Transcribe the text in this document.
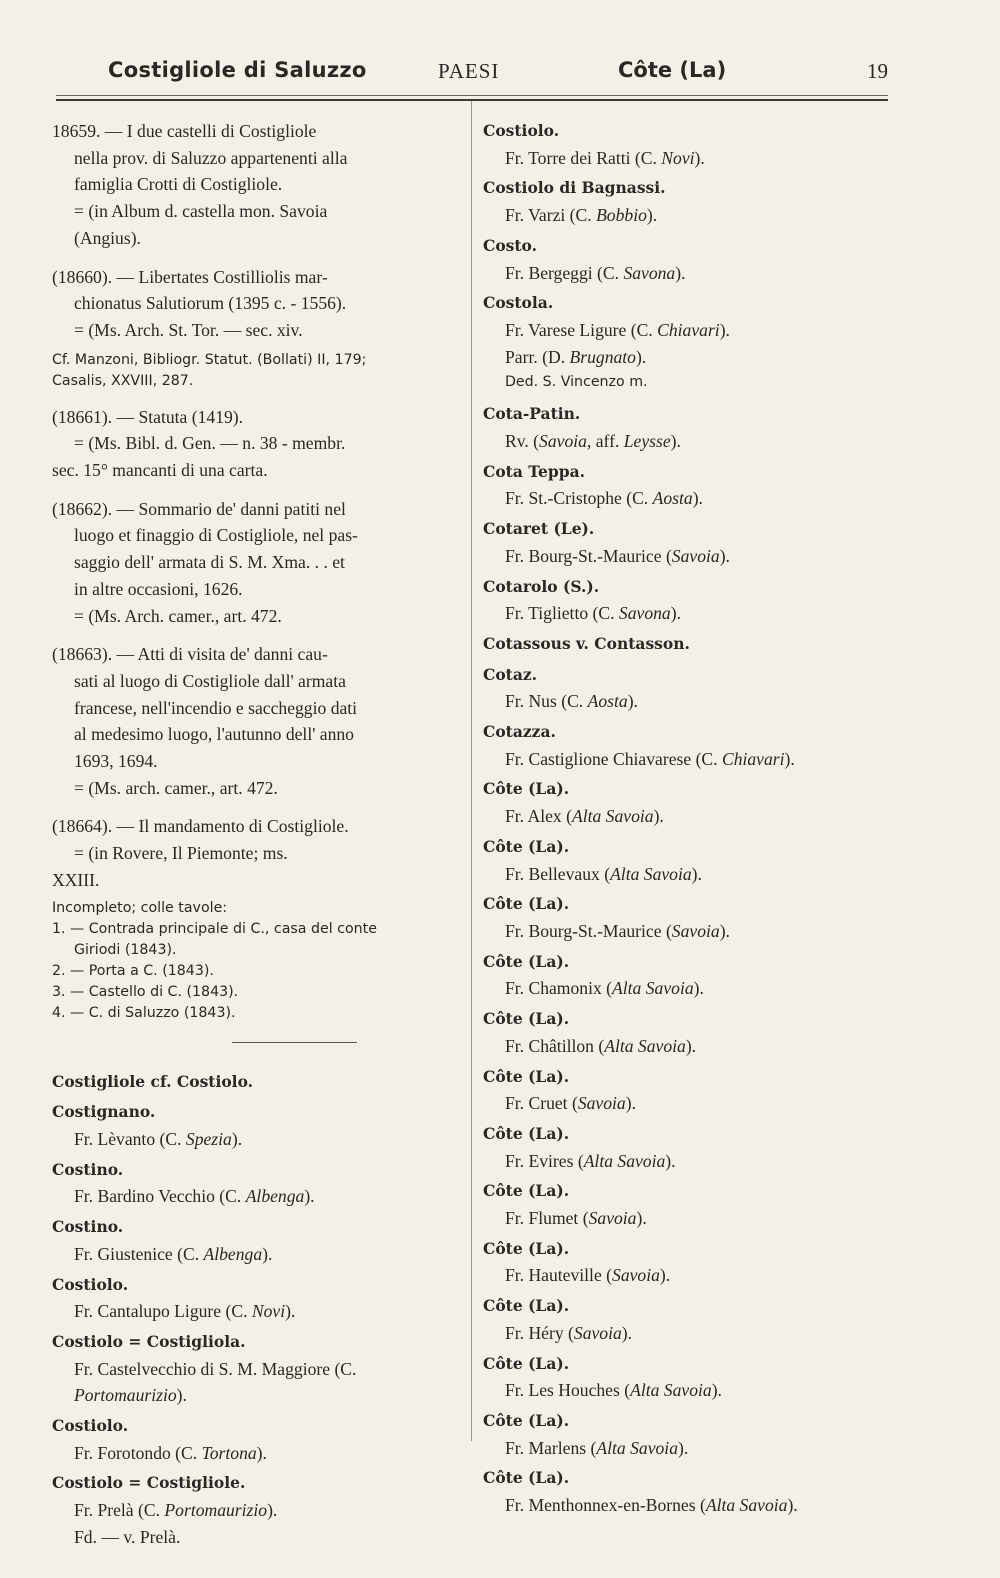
Costigliole di Saluzzo	PAESI	Côte (La)	19
18659. — I due castelli di Costigliole
nella prov. di Saluzzo appartenenti alla
famiglia Crotti di Costigliole.
= (in Album d. castella mon. Savoia
(Angius).
(18660). — Libertates Costilliolis mar-
chionatus Salutiorum (1395 c. - 1556).
= (Ms. Arch. St. Tor. — sec. xiv.
Cf. Manzoni, Bibliogr. Statut. (Bollati) II, 179;
Casalis, XXVIII, 287.
(18661). — Statuta (1419).
= (Ms. Bibl. d. Gen. — n. 38 - membr.
sec. 15° mancanti di una carta.
(18662). — Sommario de' danni patiti nel
luogo et finaggio di Costigliole, nel pas-
saggio dell' armata di S. M. Xma. . . et
in altre occasioni, 1626.
= (Ms. Arch. camer., art. 472.
(18663). — Atti di visita de' danni cau-
sati al luogo di Costigliole dall' armata
francese, nell'incendio e saccheggio dati
al medesimo luogo, l'autunno dell' anno
1693, 1694.
= (Ms. arch. camer., art. 472.
(18664). — Il mandamento di Costigliole.
= (in Rovere, Il Piemonte; ms.
XXIII.
Incompleto; colle tavole:
1. — Contrada principale di C., casa del conte
Giriodi (1843).
2. — Porta a C. (1843).
3. — Castello di C. (1843).
4. — C. di Saluzzo (1843).
Costigliole cf. Costiolo.
Costignano.
Fr. Lèvanto (C. Spezia).
Costino.
Fr. Bardino Vecchio (C. Albenga).
Costino.
Fr. Giustenice (C. Albenga).
Costiolo.
Fr. Cantalupo Ligure (C. Novi).
Costiolo = Costigliola.
Fr. Castelvecchio di S. M. Maggiore (C.
Portomaurizio).
Costiolo.
Fr. Forotondo (C. Tortona).
Costiolo = Costigliole.
Fr. Prelà (C. Portomaurizio).
Fd. — v. Prelà.
Costiolo.
Fr. Torre dei Ratti (C. Novi).
Costiolo di Bagnassi.
Fr. Varzi (C. Bobbio).
Costo.
Fr. Bergeggi (C. Savona).
Costola.
Fr. Varese Ligure (C. Chiavari).
Parr. (D. Brugnato).
Ded. S. Vincenzo m.
Cota-Patin.
Rv. (Savoia, aff. Leysse).
Cota Teppa.
Fr. St.-Cristophe (C. Aosta).
Cotaret (Le).
Fr. Bourg-St.-Maurice (Savoia).
Cotarolo (S.).
Fr. Tiglietto (C. Savona).
Cotassous v. Contasson.
Cotaz.
Fr. Nus (C. Aosta).
Cotazza.
Fr. Castiglione Chiavarese (C. Chiavari).
Côte (La).
Fr. Alex (Alta Savoia).
Côte (La).
Fr. Bellevaux (Alta Savoia).
Côte (La).
Fr. Bourg-St.-Maurice (Savoia).
Côte (La).
Fr. Chamonix (Alta Savoia).
Côte (La).
Fr. Châtillon (Alta Savoia).
Côte (La).
Fr. Cruet (Savoia).
Côte (La).
Fr. Evires (Alta Savoia).
Côte (La).
Fr. Flumet (Savoia).
Côte (La).
Fr. Hauteville (Savoia).
Côte (La).
Fr. Héry (Savoia).
Côte (La).
Fr. Les Houches (Alta Savoia).
Côte (La).
Fr. Marlens (Alta Savoia).
Côte (La).
Fr. Menthonnex-en-Bornes (Alta Savoia).
